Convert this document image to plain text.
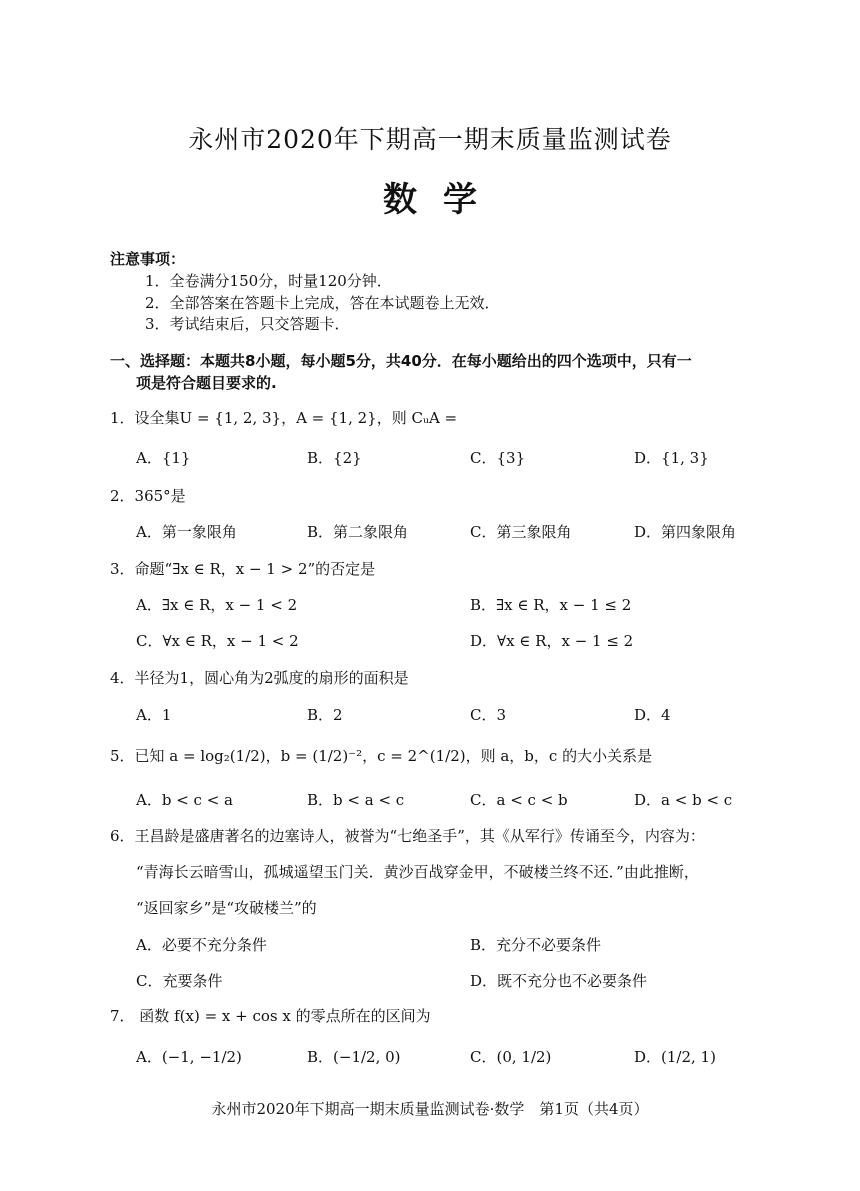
永州市2020年下期高一期末质量监测试卷
数学
注意事项：
1．全卷满分150分，时量120分钟．
2．全部答案在答题卡上完成，答在本试题卷上无效．
3．考试结束后，只交答题卡．
一、选择题：本题共8小题，每小题5分，共40分．在每小题给出的四个选项中，只有一
项是符合题目要求的.
1．设全集U = {1, 2, 3}，A = {1, 2}，则 CᵤA =
A．{1}	B．{2}	C．{3}	D．{1, 3}
2．365°是
A．第一象限角	B．第二象限角	C．第三象限角	D．第四象限角
3．命题“∃x ∈ R，x − 1 > 2”的否定是
A．∃x ∈ R，x − 1 < 2	B．∃x ∈ R，x − 1 ≤ 2
C．∀x ∈ R，x − 1 < 2	D．∀x ∈ R，x − 1 ≤ 2
4．半径为1，圆心角为2弧度的扇形的面积是
A．1	B．2	C．3	D．4
5．已知 a = log₂(1/2)，b = (1/2)⁻²，c = 2^(1/2)，则 a，b，c 的大小关系是
A．b < c < a	B．b < a < c	C．a < c < b	D．a < b < c
6．王昌龄是盛唐著名的边塞诗人，被誉为“七绝圣手”，其《从军行》传诵至今，内容为：
“青海长云暗雪山，孤城遥望玉门关．黄沙百战穿金甲，不破楼兰终不还．”由此推断，
“返回家乡”是“攻破楼兰”的
A．必要不充分条件	B．充分不必要条件
C．充要条件	D．既不充分也不必要条件
7． 函数 f(x) = x + cos x 的零点所在的区间为
A．(−1, −1/2)	B．(−1/2, 0)	C．(0, 1/2)	D．(1/2, 1)
永州市2020年下期高一期末质量监测试卷·数学　第1页（共4页）
